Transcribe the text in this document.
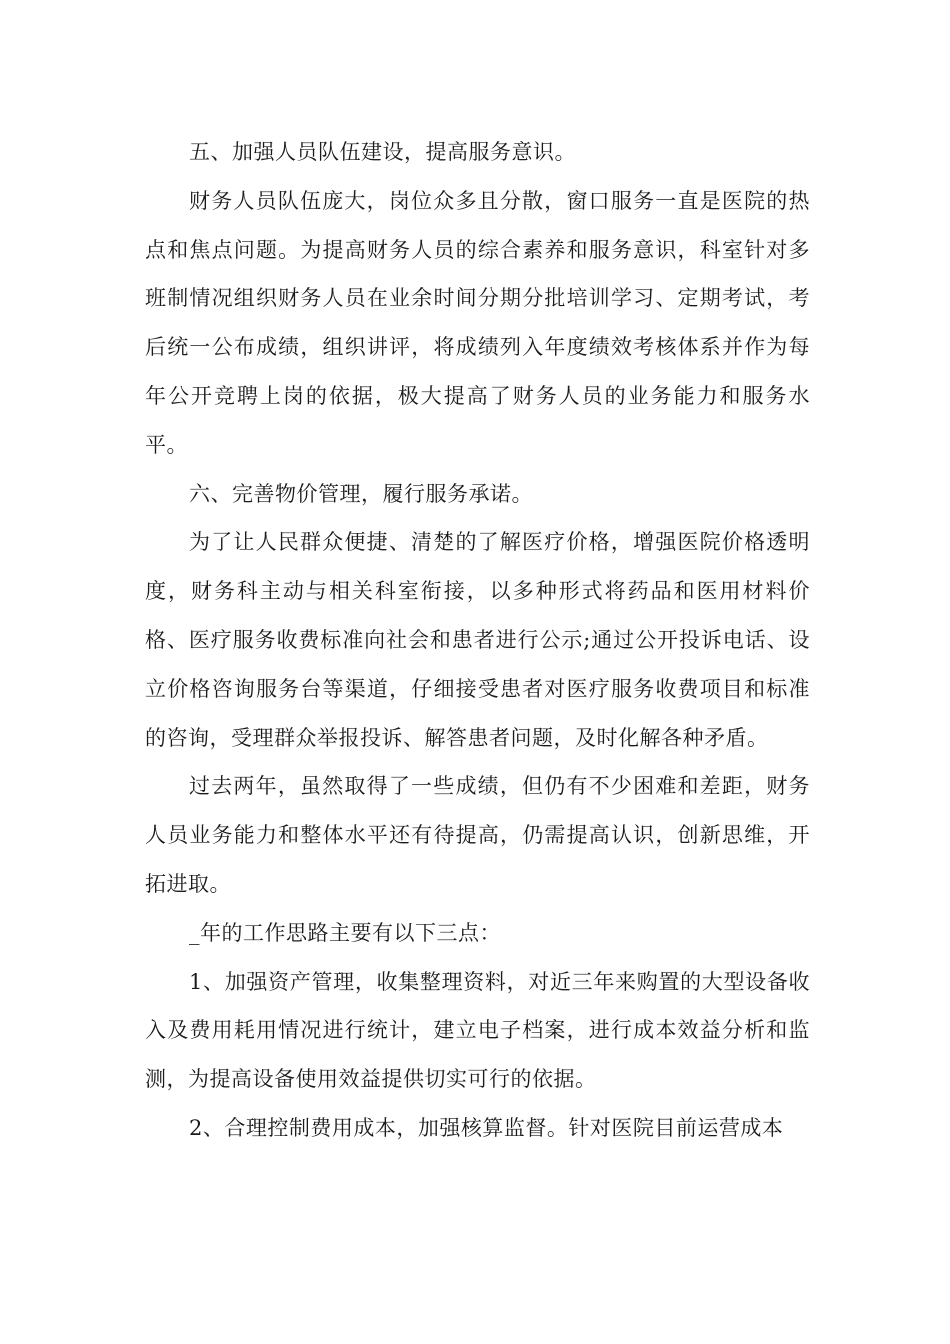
五、加强人员队伍建设，提高服务意识。

财务人员队伍庞大，岗位众多且分散，窗口服务一直是医院的热点和焦点问题。为提高财务人员的综合素养和服务意识，科室针对多班制情况组织财务人员在业余时间分期分批培训学习、定期考试，考后统一公布成绩，组织讲评，将成绩列入年度绩效考核体系并作为每年公开竞聘上岗的依据，极大提高了财务人员的业务能力和服务水平。

六、完善物价管理，履行服务承诺。

为了让人民群众便捷、清楚的了解医疗价格，增强医院价格透明度，财务科主动与相关科室衔接，以多种形式将药品和医用材料价格、医疗服务收费标准向社会和患者进行公示;通过公开投诉电话、设立价格咨询服务台等渠道，仔细接受患者对医疗服务收费项目和标准的咨询，受理群众举报投诉、解答患者问题，及时化解各种矛盾。

过去两年，虽然取得了一些成绩，但仍有不少困难和差距，财务人员业务能力和整体水平还有待提高，仍需提高认识，创新思维，开拓进取。

_年的工作思路主要有以下三点：

1、加强资产管理，收集整理资料，对近三年来购置的大型设备收入及费用耗用情况进行统计，建立电子档案，进行成本效益分析和监测，为提高设备使用效益提供切实可行的依据。

2、合理控制费用成本，加强核算监督。针对医院目前运营成本
